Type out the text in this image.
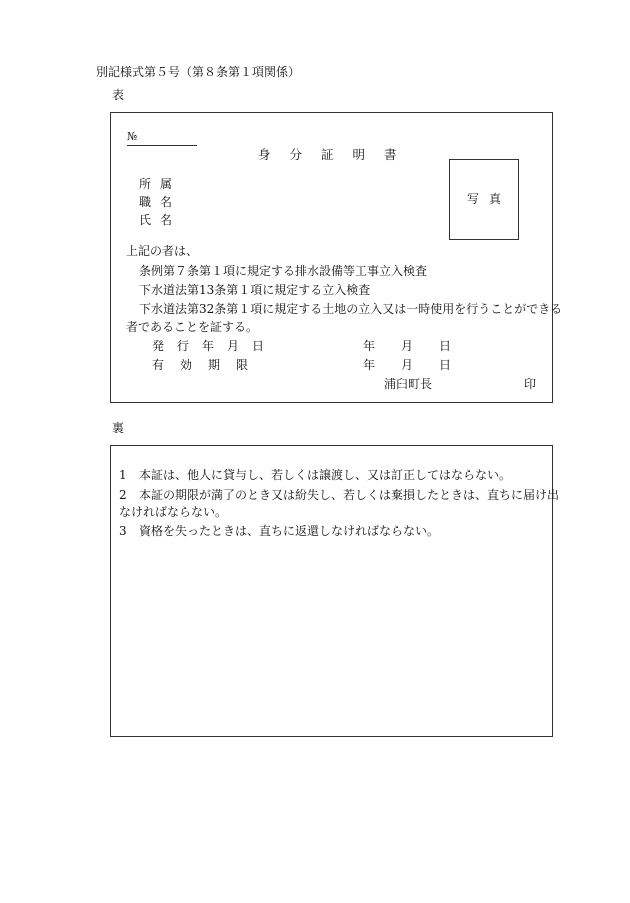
別記様式第５号（第８条第１項関係）
表
№
身分証明書
所属
職名
氏名
写真
上記の者は、
条例第７条第１項に規定する排水設備等工事立入検査
下水道法第13条第１項に規定する立入検査
下水道法第32条第１項に規定する土地の立入又は一時使用を行うことができる
者であることを証する。
発行年月日	年 月 日
有効期限	年 月 日
浦臼町長	印
裏
1 本証は、他人に貸与し、若しくは譲渡し、又は訂正してはならない。
2 本証の期限が満了のとき又は紛失し、若しくは棄損したときは、直ちに届け出
なければならない。
3 資格を失ったときは、直ちに返還しなければならない。
